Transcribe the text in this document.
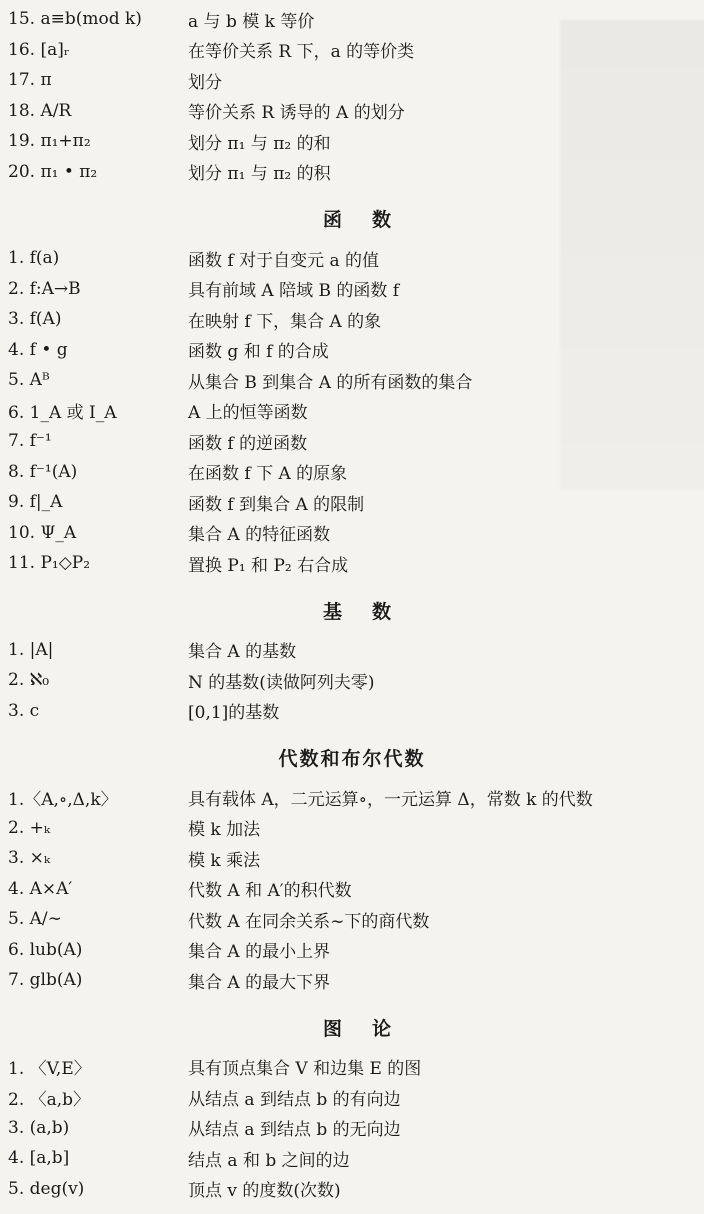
15. a≡b(mod k)	a 与 b 模 k 等价
16. [a]ᵣ	在等价关系 R 下，a 的等价类
17. π	划分
18. A/R	等价关系 R 诱导的 A 的划分
19. π₁+π₂	划分 π₁ 与 π₂ 的和
20. π₁ • π₂	划分 π₁ 与 π₂ 的积
函数
1. f(a)	函数 f 对于自变元 a 的值
2. f:A→B	具有前域 A 陪域 B 的函数 f
3. f(A)	在映射 f 下，集合 A 的象
4. f • g	函数 g 和 f 的合成
5. Aᴮ	从集合 B 到集合 A 的所有函数的集合
6. 1_A 或 I_A	A 上的恒等函数
7. f⁻¹	函数 f 的逆函数
8. f⁻¹(A)	在函数 f 下 A 的原象
9. f|_A	函数 f 到集合 A 的限制
10. Ψ_A	集合 A 的特征函数
11. P₁◇P₂	置换 P₁ 和 P₂ 右合成
基数
1. |A|	集合 A 的基数
2. ℵ₀	N 的基数(读做阿列夫零)
3. c	[0,1]的基数
代数和布尔代数
1.〈A,∘,Δ,k〉	具有载体 A，二元运算∘，一元运算 Δ，常数 k 的代数
2. +ₖ	模 k 加法
3. ×ₖ	模 k 乘法
4. A×A′	代数 A 和 A′的积代数
5. A/∼	代数 A 在同余关系∼下的商代数
6. lub(A)	集合 A 的最小上界
7. glb(A)	集合 A 的最大下界
图论
1. 〈V,E〉	具有顶点集合 V 和边集 E 的图
2. 〈a,b〉	从结点 a 到结点 b 的有向边
3. (a,b)	从结点 a 到结点 b 的无向边
4. [a,b]	结点 a 和 b 之间的边
5. deg(v)	顶点 v 的度数(次数)
